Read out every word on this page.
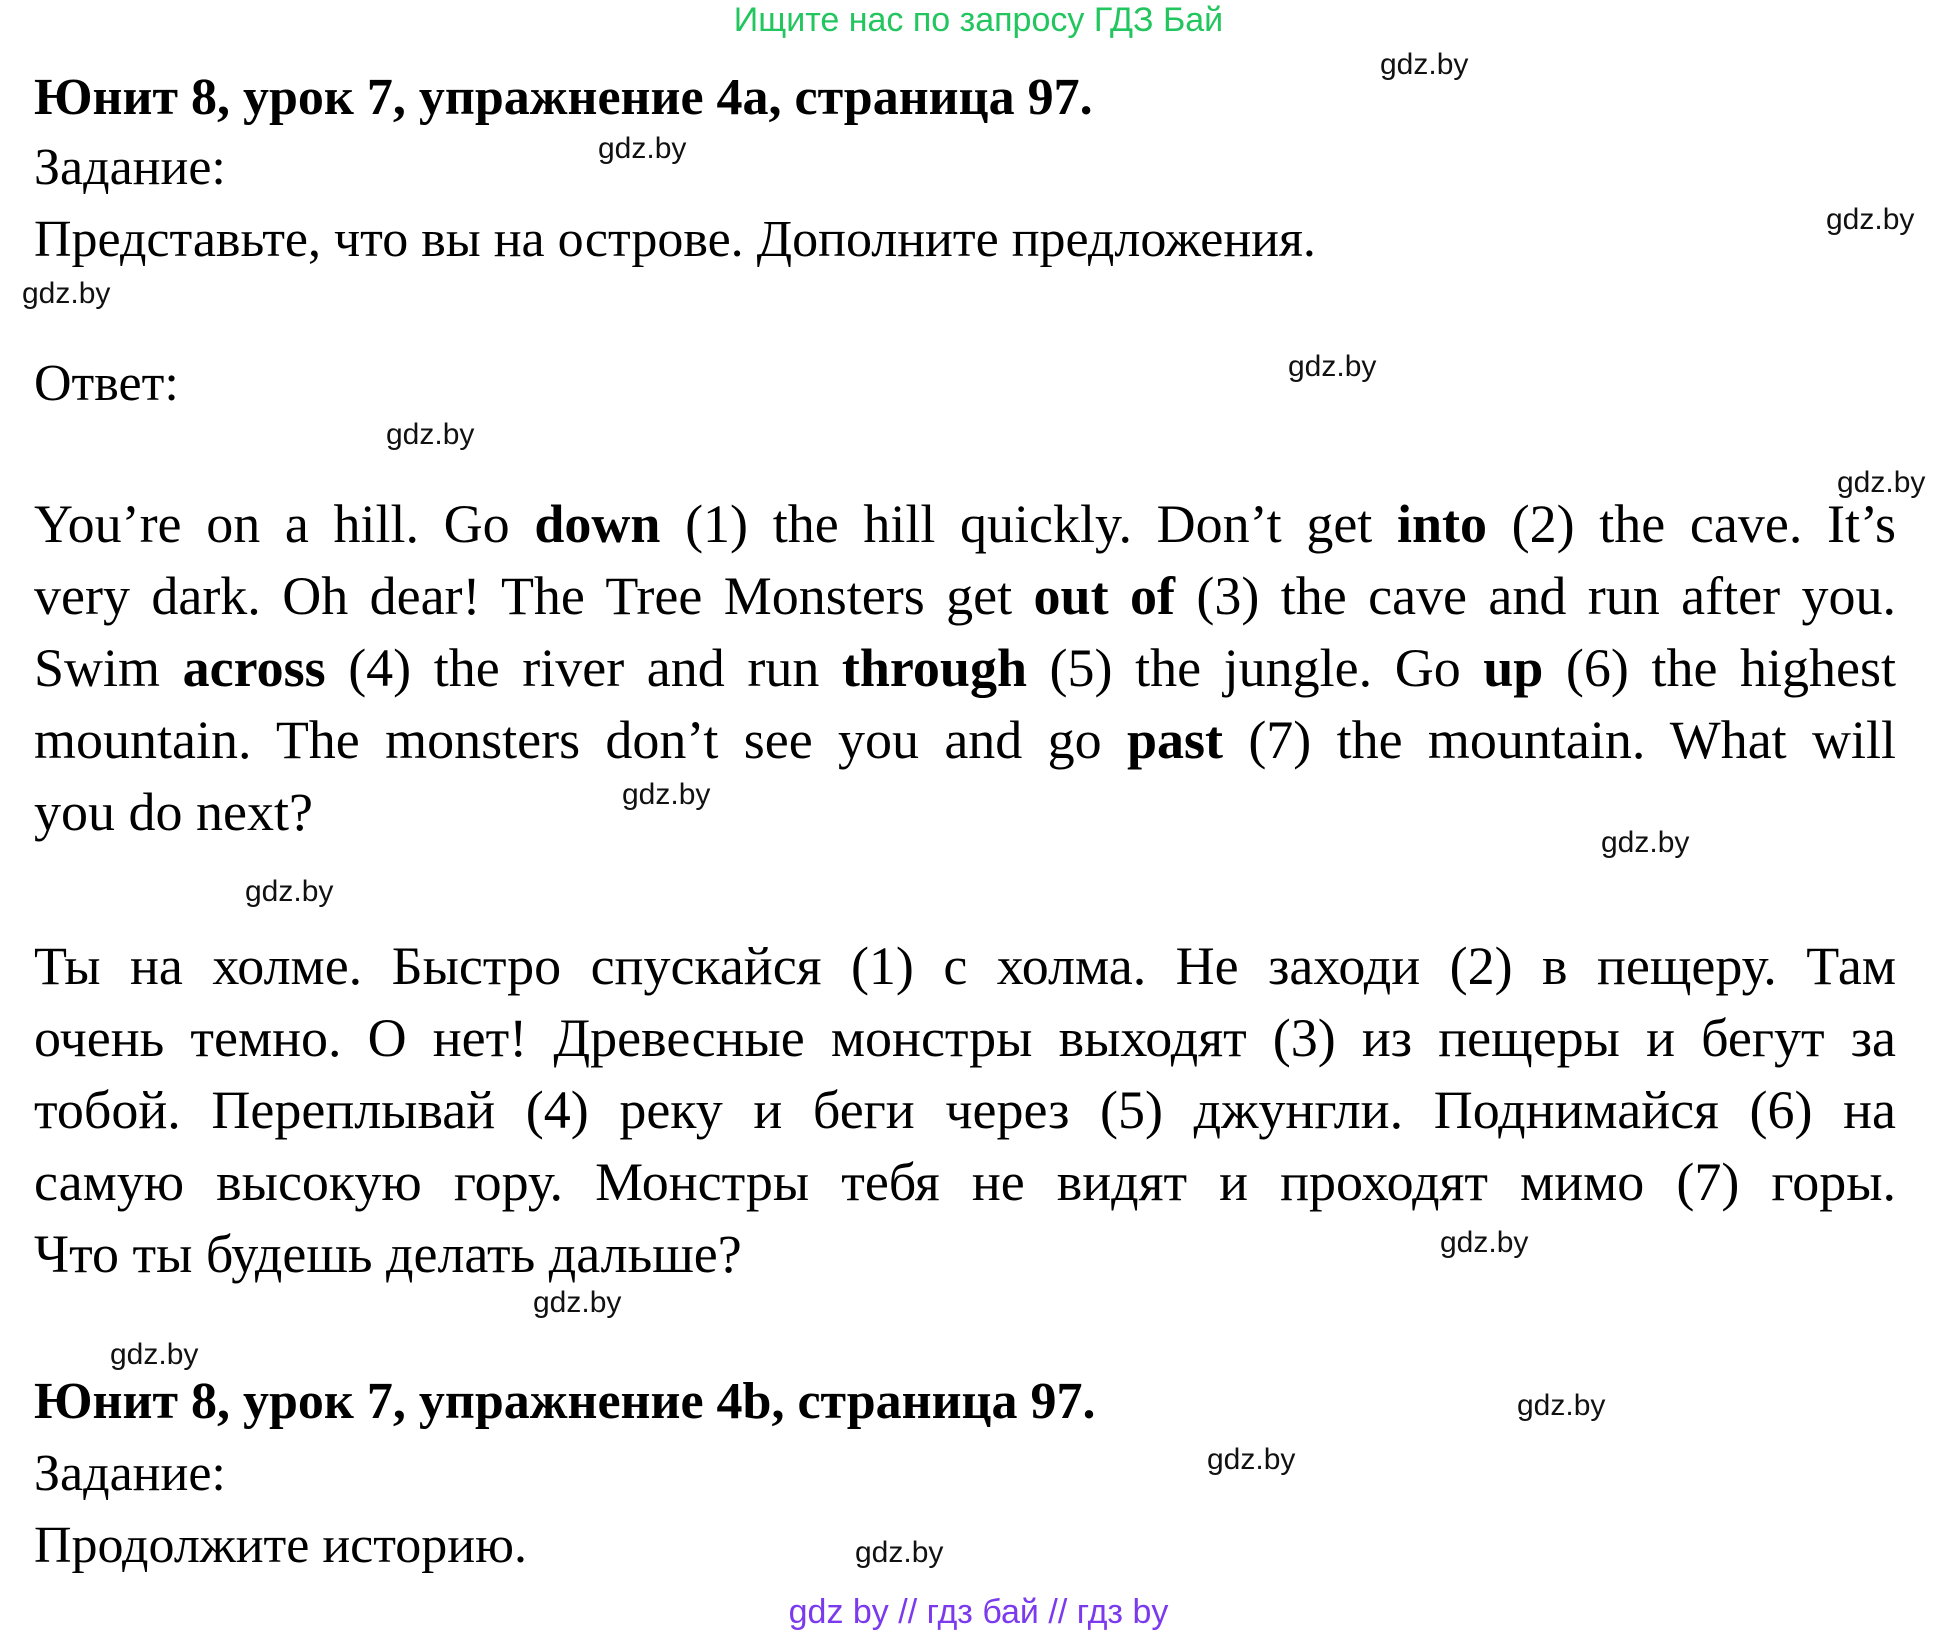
Ищите нас по запросу ГДЗ Бай
Юнит 8, урок 7, упражнение 4a, страница 97.
Задание:
Представьте, что вы на острове. Дополните предложения.
Ответ:
You’re on a hill. Go down (1) the hill quickly. Don’t get into (2) the cave. It’s
very dark. Oh dear! The Tree Monsters get out of (3) the cave and run after you.
Swim across (4) the river and run through (5) the jungle. Go up (6) the highest
mountain. The monsters don’t see you and go past (7) the mountain. What will
you do next?
Ты на холме. Быстро спускайся (1) с холма. Не заходи (2) в пещеру. Там
очень темно. О нет! Древесные монстры выходят (3) из пещеры и бегут за
тобой. Переплывай (4) реку и беги через (5) джунгли. Поднимайся (6) на
самую высокую гору. Монстры тебя не видят и проходят мимо (7) горы.
Что ты будешь делать дальше?
Юнит 8, урок 7, упражнение 4b, страница 97.
Задание:
Продолжите историю.
gdz.by
gdz.by
gdz.by
gdz.by
gdz.by
gdz.by
gdz.by
gdz.by
gdz.by
gdz.by
gdz.by
gdz.by
gdz.by
gdz.by
gdz.by
gdz.by
gdz by // гдз бай // гдз by
